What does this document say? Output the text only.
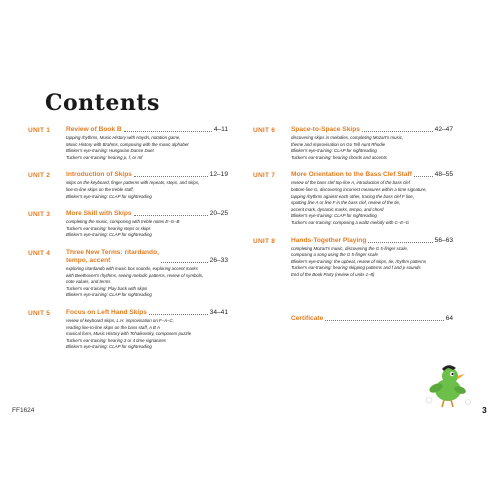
Contents
UNIT 1	Review of Book B	4–11

tapping rhythms, Music History with Haydn, notation game,

Music History with Brahms, composing with the music alphabet

Blinker's eye-training: Hungarian Dance Duet

Tucker's ear-training: hearing p, f, or mf

UNIT 2	Introduction of Skips	12–19

skips on the keyboard, finger patterns with repeats, steps, and skips,

line-to-line skips on the treble staff,

Blinker's eye-training: CLAP for sightreading

UNIT 3	More Skill with Skips	20–25

completing the music, composing with treble notes E–G–B

Tucker's ear-training: hearing steps or skips

Blinker's eye-training: CLAP for sightreading

UNIT 4	Three New Terms: ritardando,
tempo, accent	26–33

exploring ritardando with music box sounds, exploring accent marks

with Beethoven's rhythms, seeing melodic patterns, review of symbols,

note values, and terms

Tucker's ear-training: Play back with skips

Blinker's eye-training: CLAP for sightreading

UNIT 5	Focus on Left Hand Skips	34–41

review of keyboard skips, L.H. improvisation on F–A–C,

reading line-to-line skips on the bass staff, A B A

musical form, Music History with Tchaikovsky, composers puzzle

Tucker's ear-training: hearing 3 or 4 time signatures

Blinker's eye-training: CLAP for sightreading

UNIT 6	Space-to-Space Skips	42–47

discovering skips in melodies, completing Mozart's music,

theme and improvisation on Go Tell Aunt Rhodie

Blinker's eye-training: CLAP for sightreading

Tucker's ear-training: hearing chords and accents

UNIT 7	More Orientation to the Bass Clef Staff	48–55

review of the bass clef top-line A, introduction of the bass clef

bottom-line G, discovering incorrect measures within a time signature,

tapping rhythms against each other, tracing the bass clef F line,

spotting line A or line F in the bass clef, review of the tie,

accent mark, dynamic marks, tempo, and chord

Blinker's eye-training: CLAP for sightreading

Tucker's ear-training: composing a waltz melody with C–E–G

UNIT 8	Hands-Together Playing	56–63

completing Mozart's music, discovering the G 5-finger scale,

composing a song using the G 5-finger scale

Blinker's eye-training: the upbeat, review of skips, tie, rhythm patterns

Tucker's ear-training: hearing skipping patterns and f and p sounds

End of the Book Party (review of units 1–8)

Certificate	64
FF1624	3
